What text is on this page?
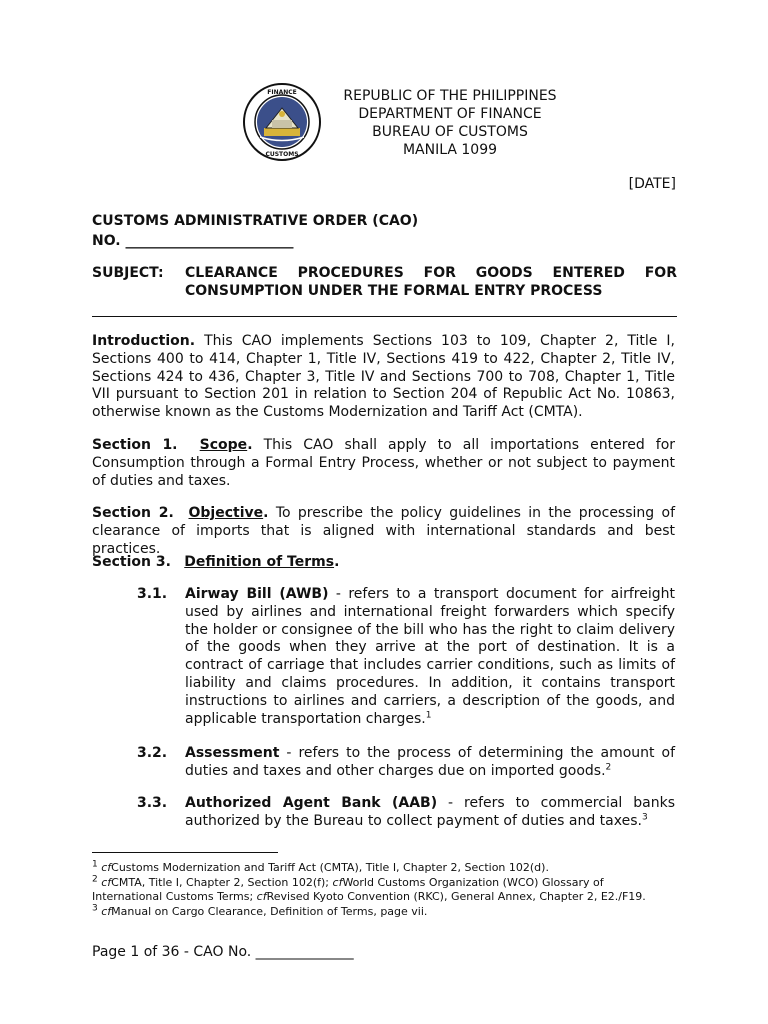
FINANCE
CUSTOMS
REPUBLIC OF THE PHILIPPINES
DEPARTMENT OF FINANCE
BUREAU OF CUSTOMS
MANILA 1099
[DATE]
CUSTOMS ADMINISTRATIVE ORDER (CAO)
NO. ________________________
SUBJECT: CLEARANCE PROCEDURES FOR GOODS ENTERED FOR
CONSUMPTION UNDER THE FORMAL ENTRY PROCESS
Introduction. This CAO implements Sections 103 to 109, Chapter 2, Title I, Sections 400 to 414, Chapter 1, Title IV, Sections 419 to 422, Chapter 2, Title IV, Sections 424 to 436, Chapter 3, Title IV and Sections 700 to 708, Chapter 1, Title VII pursuant to Section 201 in relation to Section 204 of Republic Act No. 10863, otherwise known as the Customs Modernization and Tariff Act (CMTA).
Section 1. Scope. This CAO shall apply to all importations entered for Consumption through a Formal Entry Process, whether or not subject to payment of duties and taxes.
Section 2. Objective. To prescribe the policy guidelines in the processing of clearance of imports that is aligned with international standards and best practices.
Section 3. Definition of Terms.
3.1. Airway Bill (AWB) - refers to a transport document for airfreight used by airlines and international freight forwarders which specify the holder or consignee of the bill who has the right to claim delivery of the goods when they arrive at the port of destination. It is a contract of carriage that includes carrier conditions, such as limits of liability and claims procedures. In addition, it contains transport instructions to airlines and carriers, a description of the goods, and applicable transportation charges.$^1$
3.2. Assessment - refers to the process of determining the amount of duties and taxes and other charges due on imported goods.$^2$
3.3. Authorized Agent Bank (AAB) - refers to commercial banks authorized by the Bureau to collect payment of duties and taxes.$^3$

$^1$ cfCustoms Modernization and Tariff Act (CMTA), Title I, Chapter 2, Section 102(d).

$^2$ cfCMTA, Title I, Chapter 2, Section 102(f); cfWorld Customs Organization (WCO) Glossary of International Customs Terms; cfRevised Kyoto Convention (RKC), General Annex, Chapter 2, E2./F19.

$^3$ cfManual on Cargo Clearance, Definition of Terms, page vii.

Page 1 of 36 - CAO No. ______________
